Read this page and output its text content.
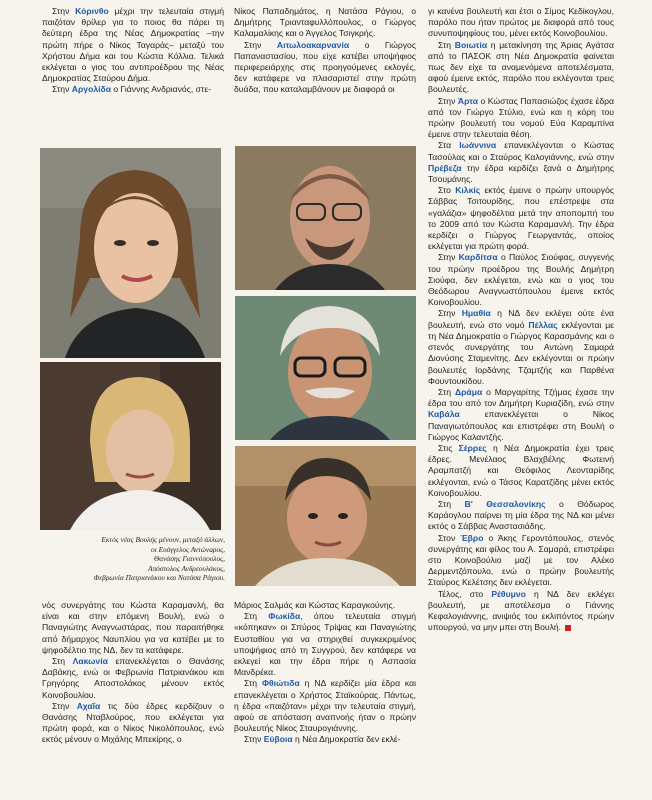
Στην Κόρινθο μέχρι την τελευταία στιγμή παιζόταν θρίλερ για το ποιος θα πάρει τη δεύτερη έδρα της Νέας Δημοκρατίας –την πρώτη πήρε ο Νίκος Ταγαράς– μεταξύ του Χρήστου Δήμα και του Κώστα Κόλλια. Τελικά εκλέγεται ο γιος του αντιπροέδρου της Νέας Δημοκρατίας Σταύρου Δήμα.

Στην Αργολίδα ο Γιάννης Ανδριανός, στε-

Νίκος Παπαδημάτος, η Νατάσα Ράγιου, ο Δημήτρης Τριανταφυλλόπουλος, ο Γιώργος Καλαμαλίκης και ο Άγγελος Τσιγκρής.

Στην Αιτωλοακαρνανία ο Γιώργος Παπαναστασίου, που είχε κατέβει υποψήφιος περιφερειάρχης στις προηγούμενες εκλογές, δεν κατάφερε να πλασαριστεί στην πρώτη δυάδα, που καταλαμβάνουν με διαφορά οι

γι κανένα βουλευτή και έτσι ο Σίμος Κεδίκογλου, παρόλο που ήταν πρώτος με διαφορά από τους συνυποψηφίους του, μένει εκτός Κοινοβουλίου.

Στη Βοιωτία η μετακίνηση της Άριας Αγάτσα από το ΠΑΣΟΚ στη Νέα Δημοκρατία φαίνεται πως δεν είχε τα αναμενόμενα αποτελέσματα, αφού έμεινε εκτός, παρόλο που εκλέγονται τρεις βουλευτές.

Στην Άρτα ο Κώστας Παπασιώζος έχασε έδρα από τον Γιώργο Στύλιο, ενώ και η κόρη του πρώην βουλευτή του νομού Εύα Καραμπίνα έμεινε στην τελευταία θέση.

Στα Ιωάννινα επανεκλέγονται ο Κώστας Τασούλας και ο Σταύρος Καλογιάννης, ενώ στην Πρέβεζα την έδρα κερδίζει ξανά ο Δημήτρης Τσουμάνης.

Στο Κιλκίς εκτός έμεινε ο πρώην υπουργός Σάββας Τσιτουρίδης, που επέστρεψε στα «γαλάζια» ψηφοδέλτια μετά την αποπομπή του το 2009 από τον Κώστα Καραμανλή. Την έδρα κερδίζει ο Γιώργος Γεωργαντάς, οποίος εκλέγεται για πρώτη φορά.

Στην Καρδίτσα ο Παύλος Σιούφας, συγγενής του πρώην προέδρου της Βουλής Δημήτρη Σιούφα, δεν εκλέγεται, ενώ και ο γιος του Θεόδωρου Αναγνωστόπουλου έμεινε εκτός Κοινοβουλίου.

Στην Ημαθία η ΝΔ δεν εκλέγει ούτε ένα βουλευτή, ενώ στο νομό Πέλλας εκλέγονται με τη Νέα Δημοκρατία ο Γιώργος Καρασμάνης και ο στενός συνεργάτης του Αντώνη Σαμαρά Διονύσης Σταμενίτης. Δεν εκλέγονται οι πρώην βουλευτές Ιορδάνης Τζαμτζής και Παρθένα Φουντουκίδου.

Στη Δράμα ο Μαργαρίτης Τζήμας έχασε την έδρα του από τον Δημήτρη Κυριαζίδη, ενώ στην Καβάλα επανεκλέγεται ο Νίκος Παναγιωτόπουλος και επιστρέφει στη Βουλή ο Γιώργος Καλαντζής.

Στις Σέρρες η Νέα Δημοκρατία έχει τρεις έδρες. Μενέλαος Βλαχβέλης Φωτεινή Αραμπατζή και Θεόφιλος Λεονταρίδης εκλέγονται, ενώ ο Τάσος Καρατζίδης μένει εκτός Κοινοβουλίου.

Στη Β' Θεσσαλονίκης ο Θόδωρος Καράογλου παίρνει τη μία έδρα της ΝΔ και μένει εκτός ο Σάββας Αναστασιάδης.

Στον Έβρο ο Άκης Γεροντόπουλος, στενός συνεργάτης και φίλος του Α. Σαμαρά, επιστρέφει στο Κοινοβούλιο μαζί με τον Αλέκο Δερμεντζόπουλο, ενώ ο πρώην βουλευτής Σταύρος Κελέτσης δεν εκλέγεται.

Τέλος, στο Ρέθυμνο η ΝΔ δεν εκλέγει βουλευτή, με αποτέλεσμα ο Γιάννης Κεφαλογιάννης, ανιψιός του εκλιπόντος πρώην υπουργού, να μην μπει στη Βουλή.

Εκτός νέας Βουλής μένουν, μεταξύ άλλων,
οι Ευάγγελος Αντώνaρος,
Θανάσης Γιαννόπουλος,
Απόστολος Ανδρεουλάκος,
Φεβρωνία Πατριανάκου και Νατάσα Ράγιου.

νός συνεργάτης του Κώστα Καραμανλή, θα είναι και στην επόμενη Βουλή, ενώ ο Παναγιώτης Αναγνωστάρας, που παραιτήθηκε από δήμαρχος Ναυπλίου για να κατέβει με το ψηφοδέλτιο της ΝΔ, δεν τα κατάφερε.

Στη Λακωνία επανεκλέγεται ο Θανάσης Δαβάκης, ενώ οι Φεβρωνία Πατριανάκου και Γρηγόρης Αποστολάκος μένουν εκτός Κοινοβουλίου.

Στην Αχαΐα τις δύο έδρες κερδίζουν ο Θανάσης Νταβλούρος, που εκλέγεται για πρώτη φορά, και ο Νίκος Νικολόπουλος, ενώ εκτός μένουν ο Μιχάλης Μπεκίρης, ο

Μάριος Σαλμάς και Κώστας Καραγκούνης.

Στη Φωκίδα, όπου τελευταία στιγμή «κόπηκαν» οι Σπύρος Τρίψας και Παναγιώτης Ευσταθίου για να στηριχθεί συγκεκριμένος υποψήφιος από τη Συγγρού, δεν κατάφερε να εκλεγεί και την έδρα πήρε η Ασπασία Μανδρέκα.

Στη Φθιώτιδα η ΝΔ κερδίζει μία έδρα και επανεκλέγεται ο Χρήστος Σταϊκούρας. Πάντως, η έδρα «παιζόταν» μέχρι την τελευταία στιγμή, αφού σε απόσταση αναπνοής ήταν ο πρώην βουλευτής Νίκος Σταυρογιάννης.

Στην Εύβοια η Νέα Δημοκρατία δεν εκλέ-
